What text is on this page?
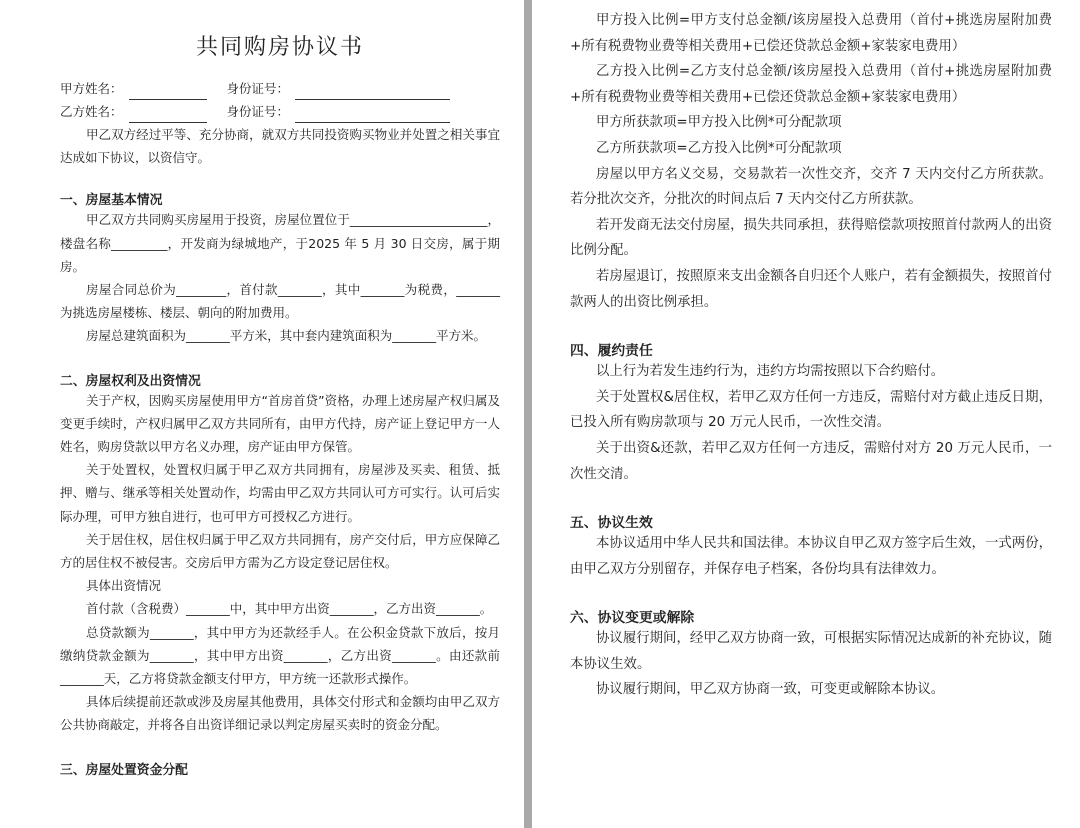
共同购房协议书
甲方姓名：	身份证号：
乙方姓名：	身份证号：

甲乙双方经过平等、充分协商，就双方共同投资购买物业并处置之相关事宜达成如下协议，以资信守。

一、房屋基本情况

甲乙双方共同购买房屋用于投资，房屋位置位于______________________，楼盘名称_________，开发商为绿城地产，于2025 年 5 月 30 日交房，属于期房。

房屋合同总价为________，首付款_______，其中_______为税费，_______为挑选房屋楼栋、楼层、朝向的附加费用。

房屋总建筑面积为_______平方米，其中套内建筑面积为_______平方米。

二、房屋权利及出资情况

关于产权，因购买房屋使用甲方“首房首贷”资格，办理上述房屋产权归属及变更手续时，产权归属甲乙双方共同所有，由甲方代持，房产证上登记甲方一人姓名，购房贷款以甲方名义办理，房产证由甲方保管。

关于处置权，处置权归属于甲乙双方共同拥有，房屋涉及买卖、租赁、抵押、赠与、继承等相关处置动作，均需由甲乙双方共同认可方可实行。认可后实际办理，可甲方独自进行，也可甲方可授权乙方进行。

关于居住权，居住权归属于甲乙双方共同拥有，房产交付后，甲方应保障乙方的居住权不被侵害。交房后甲方需为乙方设定登记居住权。

具体出资情况

首付款（含税费）_______中，其中甲方出资_______，乙方出资_______。

总贷款额为_______，其中甲方为还款经手人。在公积金贷款下放后，按月缴纳贷款金额为_______，其中甲方出资_______，乙方出资_______。由还款前_______天，乙方将贷款金额支付甲方，甲方统一还款形式操作。

具体后续提前还款或涉及房屋其他费用，具体交付形式和金额均由甲乙双方公共协商敲定，并将各自出资详细记录以判定房屋买卖时的资金分配。

三、房屋处置资金分配

甲方投入比例=甲方支付总金额/该房屋投入总费用（首付+挑选房屋附加费+所有税费物业费等相关费用+已偿还贷款总金额+家装家电费用）

乙方投入比例=乙方支付总金额/该房屋投入总费用（首付+挑选房屋附加费+所有税费物业费等相关费用+已偿还贷款总金额+家装家电费用）

甲方所获款项=甲方投入比例*可分配款项

乙方所获款项=乙方投入比例*可分配款项

房屋以甲方名义交易，交易款若一次性交齐，交齐 7 天内交付乙方所获款。若分批次交齐，分批次的时间点后 7 天内交付乙方所获款。

若开发商无法交付房屋，损失共同承担，获得赔偿款项按照首付款两人的出资比例分配。

若房屋退订，按照原来支出金额各自归还个人账户，若有金额损失，按照首付款两人的出资比例承担。

四、履约责任

以上行为若发生违约行为，违约方均需按照以下合约赔付。

关于处置权&居住权，若甲乙双方任何一方违反，需赔付对方截止违反日期，已投入所有购房款项与 20 万元人民币，一次性交清。

关于出资&还款，若甲乙双方任何一方违反，需赔付对方 20 万元人民币，一次性交清。

五、协议生效

本协议适用中华人民共和国法律。本协议自甲乙双方签字后生效，一式两份，由甲乙双方分别留存，并保存电子档案，各份均具有法律效力。

六、协议变更或解除

协议履行期间，经甲乙双方协商一致，可根据实际情况达成新的补充协议，随本协议生效。

协议履行期间，甲乙双方协商一致，可变更或解除本协议。
